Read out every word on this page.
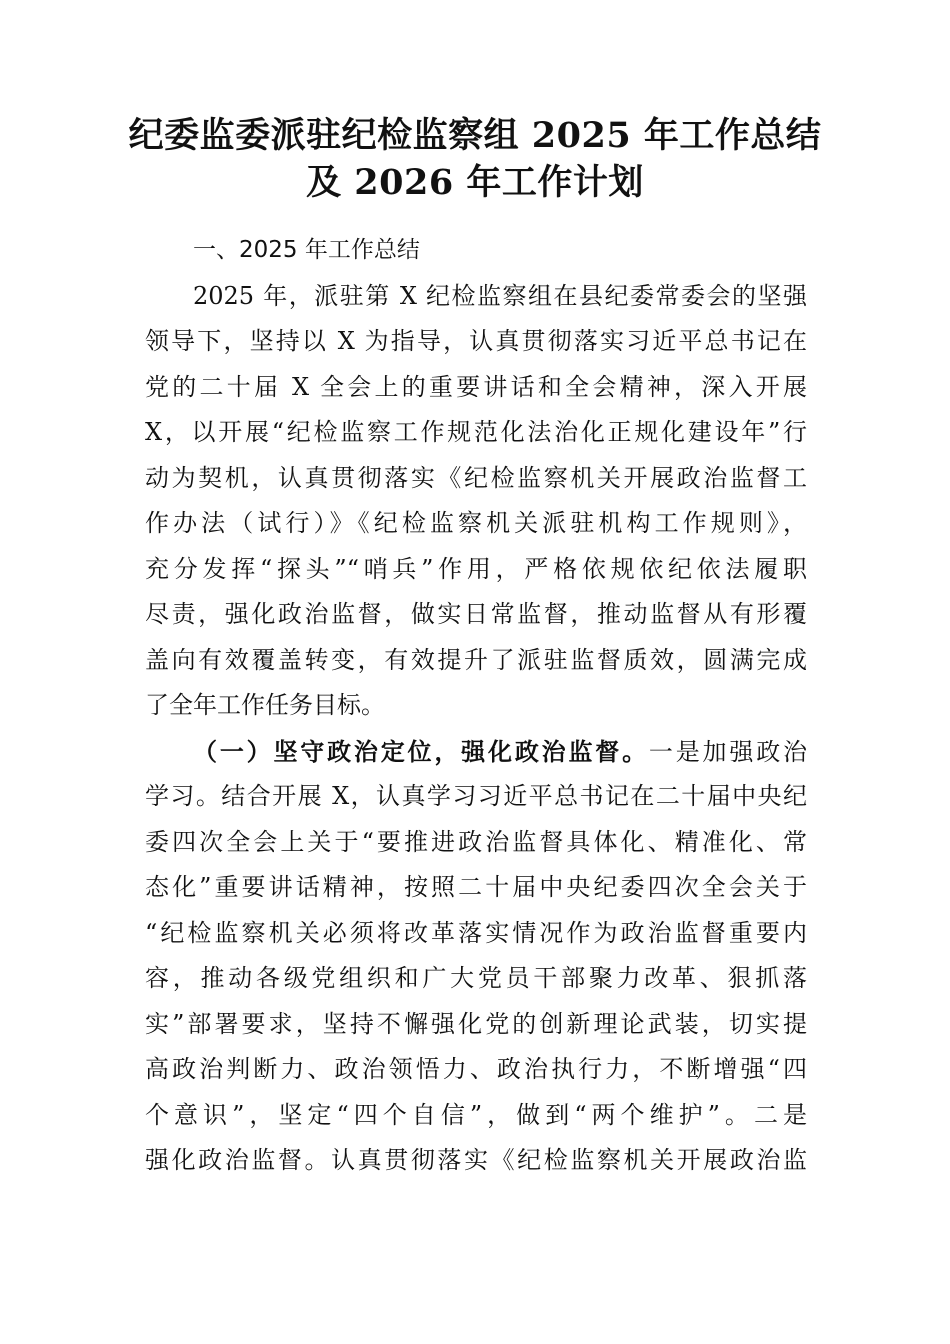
纪委监委派驻纪检监察组 2025 年工作总结
及 2026 年工作计划
一、2025 年工作总结

2025 年，派驻第 X 纪检监察组在县纪委常委会的坚强
领导下，坚持以 X 为指导，认真贯彻落实习近平总书记在
党的二十届 X 全会上的重要讲话和全会精神，深入开展
X，以开展“纪检监察工作规范化法治化正规化建设年”行
动为契机，认真贯彻落实《纪检监察机关开展政治监督工
作办法（试行）》《纪检监察机关派驻机构工作规则》，
充分发挥“探头”“哨兵”作用，严格依规依纪依法履职
尽责，强化政治监督，做实日常监督，推动监督从有形覆
盖向有效覆盖转变，有效提升了派驻监督质效，圆满完成
了全年工作任务目标。

（一）坚守政治定位，强化政治监督。一是加强政治
学习。结合开展 X，认真学习习近平总书记在二十届中央纪
委四次全会上关于“要推进政治监督具体化、精准化、常
态化”重要讲话精神，按照二十届中央纪委四次全会关于
“纪检监察机关必须将改革落实情况作为政治监督重要内
容，推动各级党组织和广大党员干部聚力改革、狠抓落
实”部署要求，坚持不懈强化党的创新理论武装，切实提
高政治判断力、政治领悟力、政治执行力，不断增强“四
个意识”，坚定“四个自信”，做到“两个维护”。二是
强化政治监督。认真贯彻落实《纪检监察机关开展政治监
